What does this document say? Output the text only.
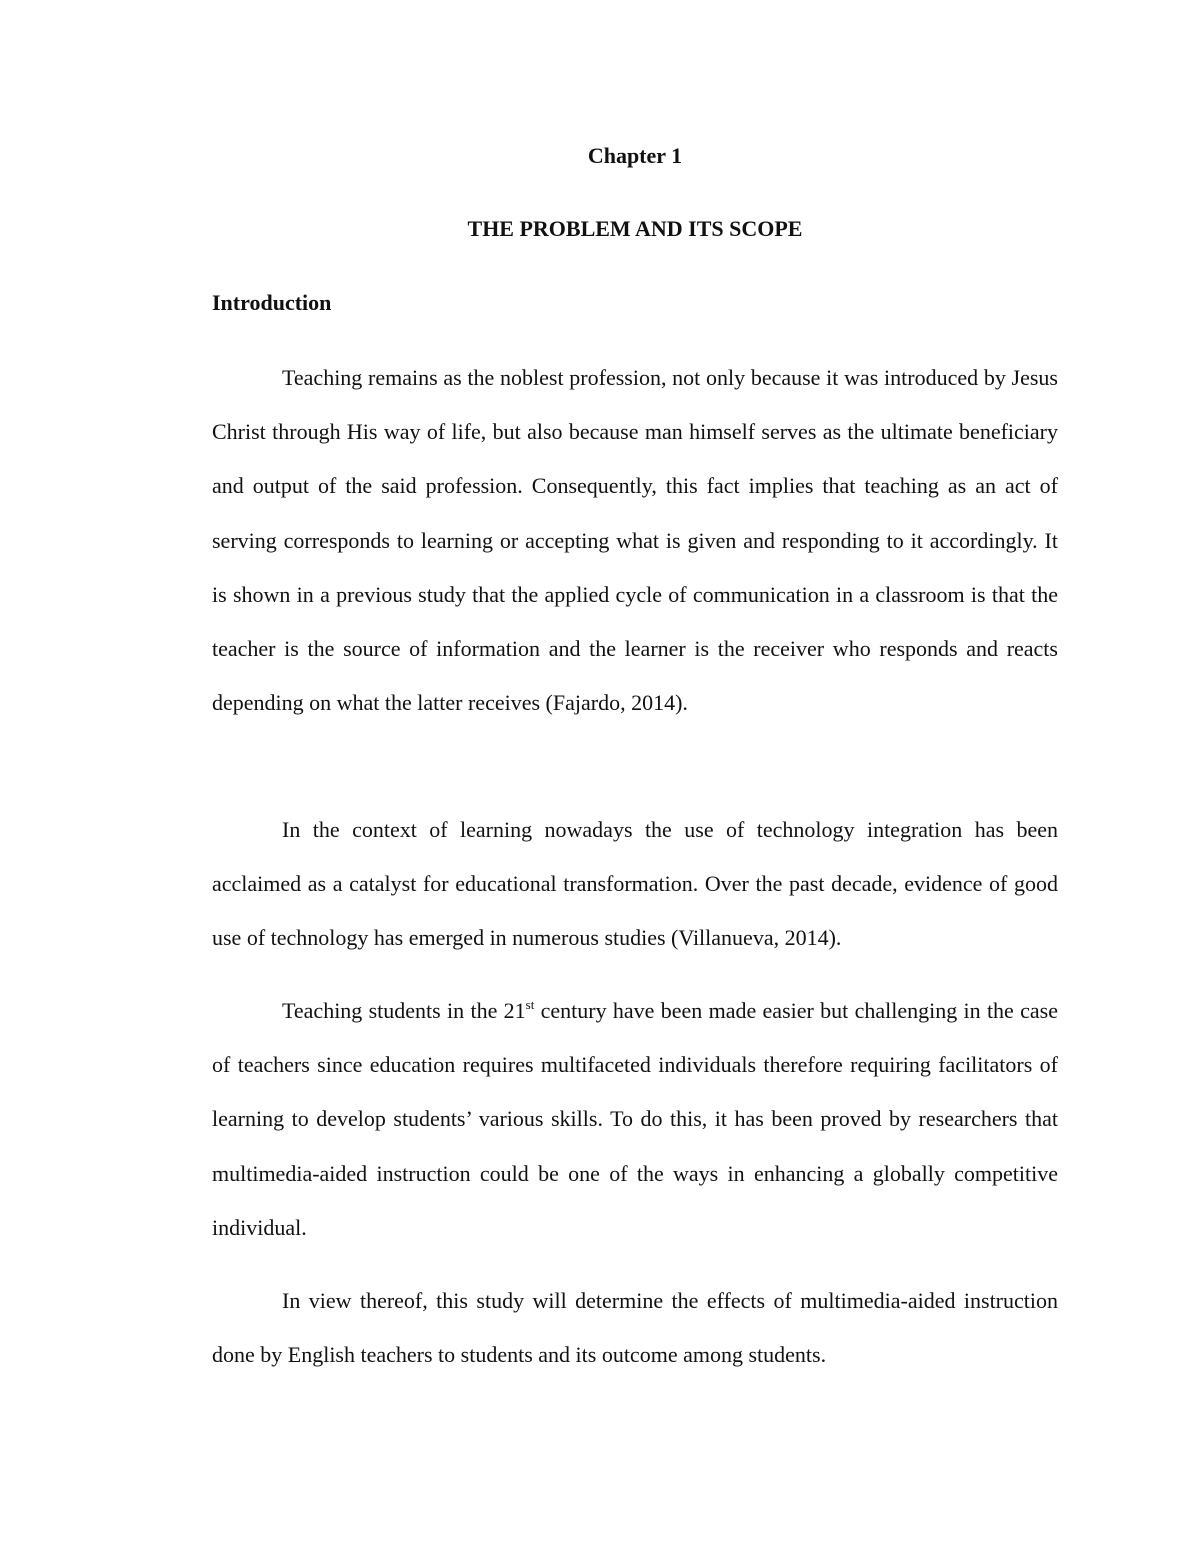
Chapter 1
THE PROBLEM AND ITS SCOPE
Introduction

Teaching remains as the noblest profession, not only because it was introduced by Jesus Christ through His way of life, but also because man himself serves as the ultimate beneficiary and output of the said profession. Consequently, this fact implies that teaching as an act of serving corresponds to learning or accepting what is given and responding to it accordingly. It is shown in a previous study that the applied cycle of communication in a classroom is that the teacher is the source of information and the learner is the receiver who responds and reacts depending on what the latter receives (Fajardo, 2014).

In the context of learning nowadays the use of technology integration has been acclaimed as a catalyst for educational transformation. Over the past decade, evidence of good use of technology has emerged in numerous studies (Villanueva, 2014).

Teaching students in the 21st century have been made easier but challenging in the case of teachers since education requires multifaceted individuals therefore requiring facilitators of learning to develop students’ various skills. To do this, it has been proved by researchers that multimedia-aided instruction could be one of the ways in enhancing a globally competitive individual.

In view thereof, this study will determine the effects of multimedia-aided instruction done by English teachers to students and its outcome among students.
